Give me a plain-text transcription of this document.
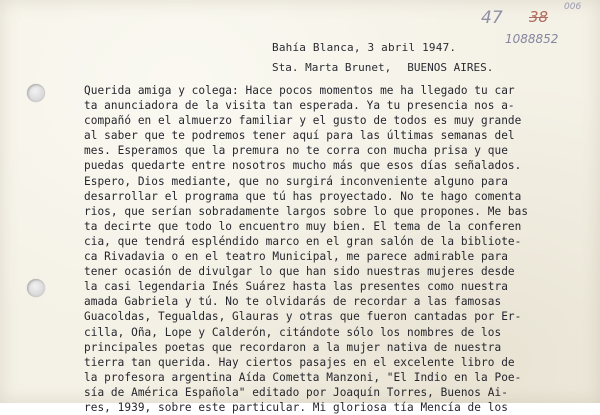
47 38
006
1088852
Bahía Blanca, 3 abril 1947.
Sta. Marta Brunet, BUENOS AIRES.
Querida amiga y colega: Hace pocos momentos me ha llegado tu car
ta anunciadora de la visita tan esperada. Ya tu presencia nos a-
compañó en el almuerzo familiar y el gusto de todos es muy grande
al saber que te podremos tener aquí para las últimas semanas del
mes. Esperamos que la premura no te corra con mucha prisa y que
puedas quedarte entre nosotros mucho más que esos días señalados.
Espero, Dios mediante, que no surgirá inconveniente alguno para
desarrollar el programa que tú has proyectado. No te hago comenta
rios, que serían sobradamente largos sobre lo que propones. Me bas
ta decirte que todo lo encuentro muy bien. El tema de la conferen
cia, que tendrá espléndido marco en el gran salón de la bibliote-
ca Rivadavia o en el teatro Municipal, me parece admirable para
tener ocasión de divulgar lo que han sido nuestras mujeres desde
la casi legendaria Inés Suárez hasta las presentes como nuestra
amada Gabriela y tú. No te olvidarás de recordar a las famosas
Guacoldas, Tegualdas, Glauras y otras que fueron cantadas por Er-
cilla, Oña, Lope y Calderón, citándote sólo los nombres de los
principales poetas que recordaron a la mujer nativa de nuestra
tierra tan querida. Hay ciertos pasajes en el excelente libro de
la profesora argentina Aída Cometta Manzoni, "El Indio en la Poe-
sía de América Española" editado por Joaquín Torres, Buenos Ai-
res, 1939, sobre este particular. Mi gloriosa tía Mencía de los
